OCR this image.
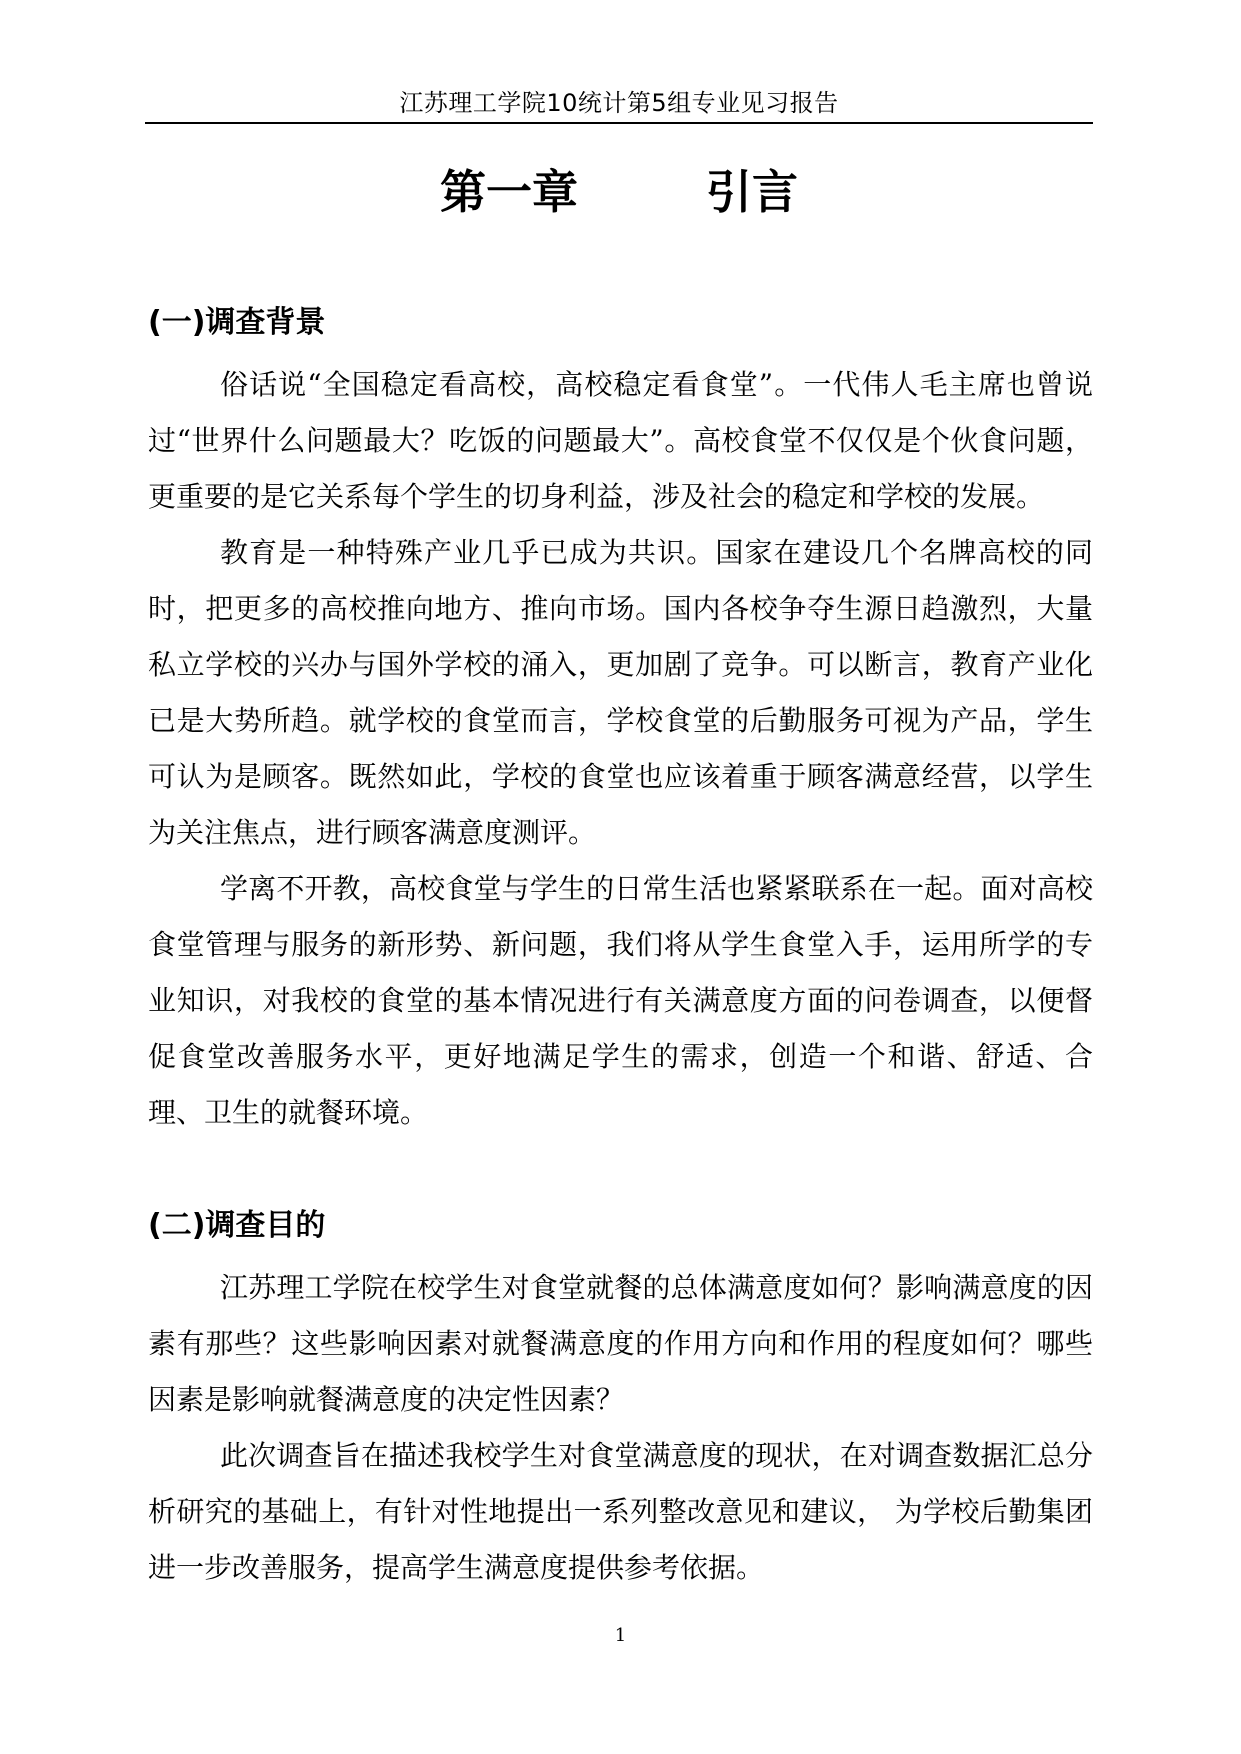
江苏理工学院10统计第5组专业见习报告
第一章        引言
(一)调查背景

俗话说“全国稳定看高校，高校稳定看食堂”。一代伟人毛主席也曾说过“世界什么问题最大？吃饭的问题最大”。高校食堂不仅仅是个伙食问题，更重要的是它关系每个学生的切身利益，涉及社会的稳定和学校的发展。

教育是一种特殊产业几乎已成为共识。国家在建设几个名牌高校的同时，把更多的高校推向地方、推向市场。国内各校争夺生源日趋激烈，大量私立学校的兴办与国外学校的涌入，更加剧了竞争。可以断言，教育产业化已是大势所趋。就学校的食堂而言，学校食堂的后勤服务可视为产品，学生可认为是顾客。既然如此，学校的食堂也应该着重于顾客满意经营，以学生为关注焦点，进行顾客满意度测评。

学离不开教，高校食堂与学生的日常生活也紧紧联系在一起。面对高校食堂管理与服务的新形势、新问题，我们将从学生食堂入手，运用所学的专业知识，对我校的食堂的基本情况进行有关满意度方面的问卷调查，以便督促食堂改善服务水平，更好地满足学生的需求，创造一个和谐、舒适、合理、卫生的就餐环境。

(二)调查目的

江苏理工学院在校学生对食堂就餐的总体满意度如何？影响满意度的因素有那些？这些影响因素对就餐满意度的作用方向和作用的程度如何？哪些因素是影响就餐满意度的决定性因素？

此次调查旨在描述我校学生对食堂满意度的现状，在对调查数据汇总分析研究的基础上，有针对性地提出一系列整改意见和建议， 为学校后勤集团进一步改善服务，提高学生满意度提供参考依据。

1
